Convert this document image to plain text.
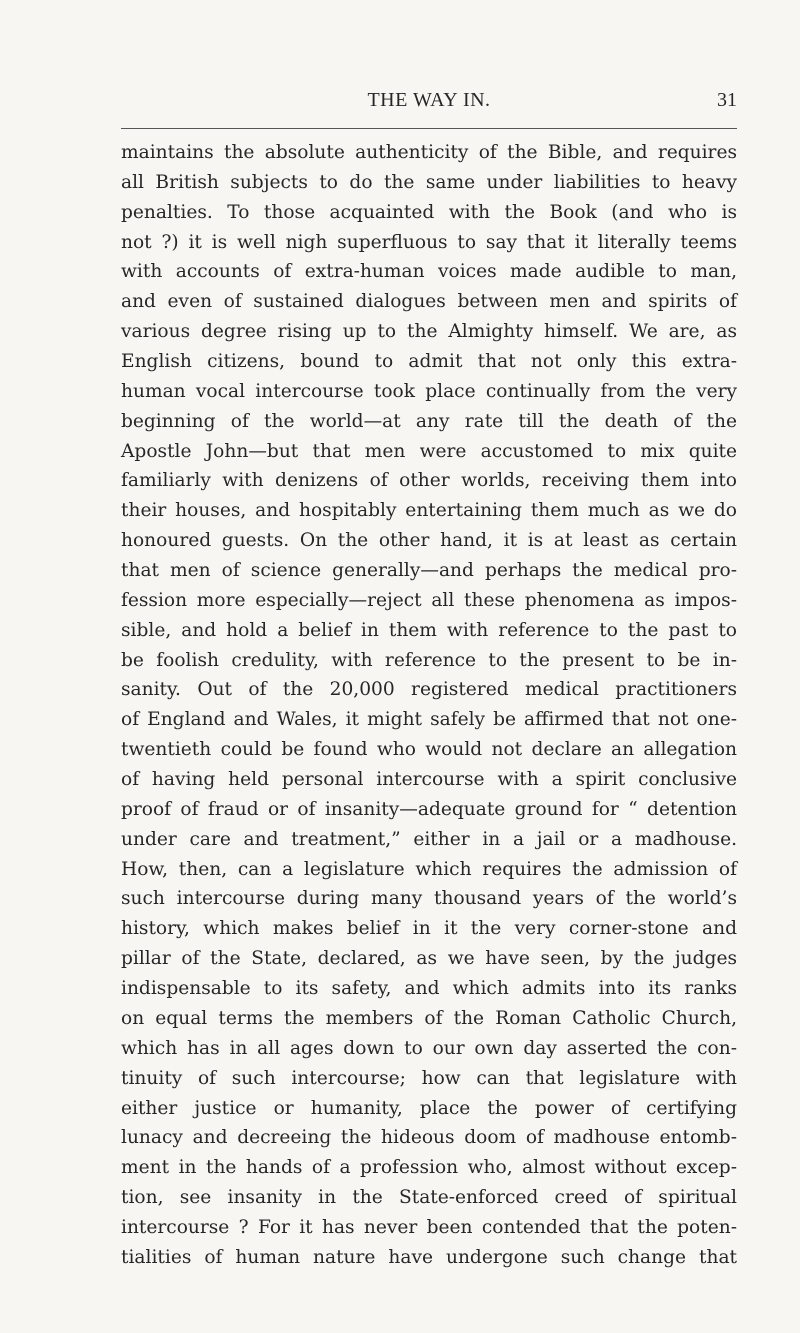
THE WAY IN.	31
maintains the absolute authenticity of the Bible, and requires
all British subjects to do the same under liabilities to heavy
penalties. To those acquainted with the Book (and who is
not ?) it is well nigh superfluous to say that it literally teems
with accounts of extra-human voices made audible to man,
and even of sustained dialogues between men and spirits of
various degree rising up to the Almighty himself. We are, as
English citizens, bound to admit that not only this extra-
human vocal intercourse took place continually from the very
beginning of the world—at any rate till the death of the
Apostle John—but that men were accustomed to mix quite
familiarly with denizens of other worlds, receiving them into
their houses, and hospitably entertaining them much as we do
honoured guests. On the other hand, it is at least as certain
that men of science generally—and perhaps the medical pro-
fession more especially—reject all these phenomena as impos-
sible, and hold a belief in them with reference to the past to
be foolish credulity, with reference to the present to be in-
sanity. Out of the 20,000 registered medical practitioners
of England and Wales, it might safely be affirmed that not one-
twentieth could be found who would not declare an allegation
of having held personal intercourse with a spirit conclusive
proof of fraud or of insanity—adequate ground for “ detention
under care and treatment,” either in a jail or a madhouse.
How, then, can a legislature which requires the admission of
such intercourse during many thousand years of the world’s
history, which makes belief in it the very corner-stone and
pillar of the State, declared, as we have seen, by the judges
indispensable to its safety, and which admits into its ranks
on equal terms the members of the Roman Catholic Church,
which has in all ages down to our own day asserted the con-
tinuity of such intercourse; how can that legislature with
either justice or humanity, place the power of certifying
lunacy and decreeing the hideous doom of madhouse entomb-
ment in the hands of a profession who, almost without excep-
tion, see insanity in the State-enforced creed of spiritual
intercourse ? For it has never been contended that the poten-
tialities of human nature have undergone such change that
